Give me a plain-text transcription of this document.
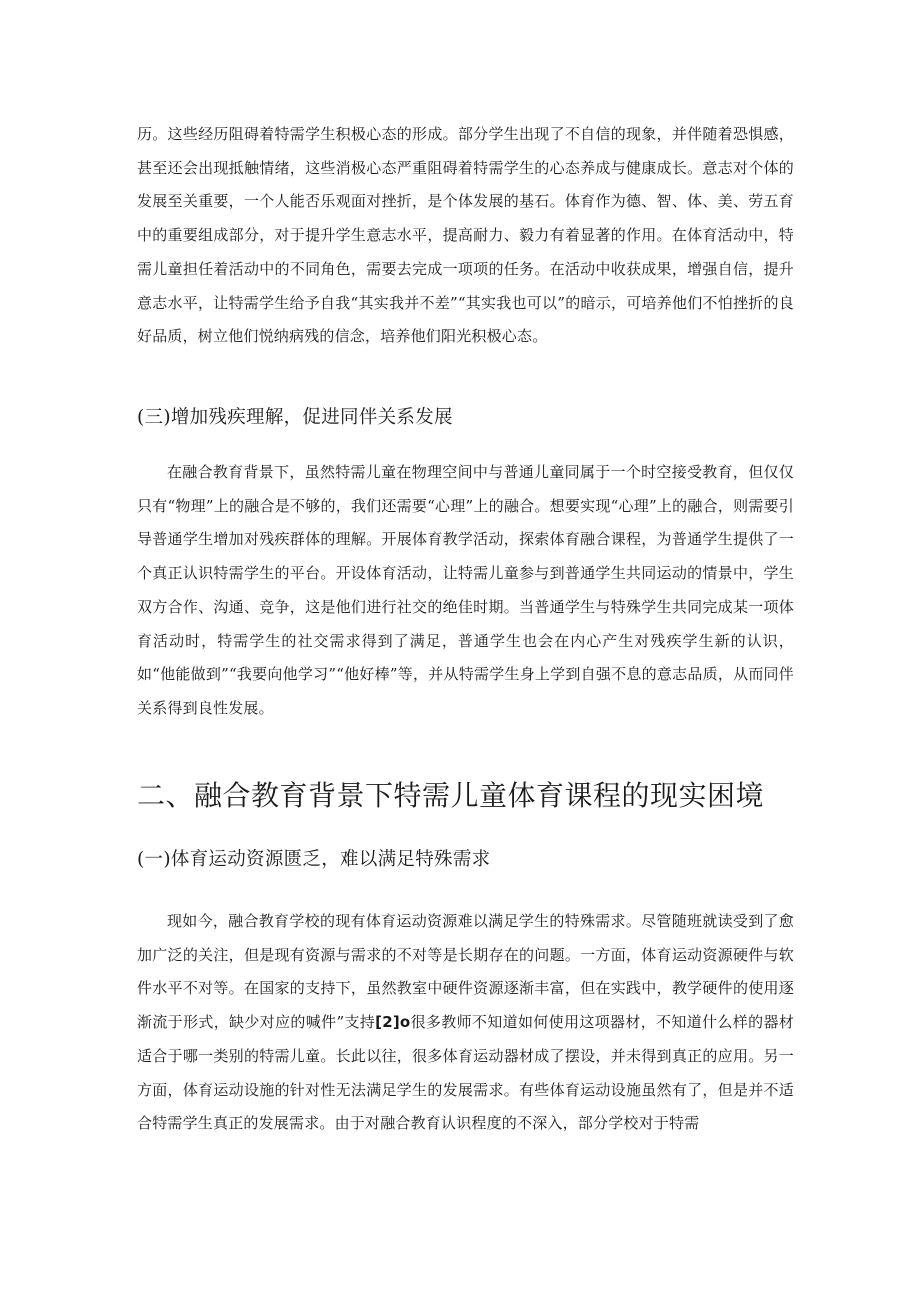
历。这些经历阻碍着特需学生积极心态的形成。部分学生出现了不自信的现象，并伴随着恐惧感，甚至还会出现抵触情绪，这些消极心态严重阻碍着特需学生的心态养成与健康成长。意志对个体的发展至关重要，一个人能否乐观面对挫折，是个体发展的基石。体育作为德、智、体、美、劳五育中的重要组成部分，对于提升学生意志水平，提高耐力、毅力有着显著的作用。在体育活动中，特需儿童担任着活动中的不同角色，需要去完成一项项的任务。在活动中收获成果，增强自信，提升意志水平，让特需学生给予自我“其实我并不差”“其实我也可以”的暗示，可培养他们不怕挫折的良好品质，树立他们悦纳病残的信念，培养他们阳光积极心态。

(三)增加残疾理解，促进同伴关系发展

在融合教育背景下，虽然特需儿童在物理空间中与普通儿童同属于一个时空接受教育，但仅仅只有“物理”上的融合是不够的，我们还需要“心理”上的融合。想要实现“心理”上的融合，则需要引导普通学生增加对残疾群体的理解。开展体育教学活动，探索体育融合课程，为普通学生提供了一个真正认识特需学生的平台。开设体育活动，让特需儿童参与到普通学生共同运动的情景中，学生双方合作、沟通、竞争，这是他们进行社交的绝佳时期。当普通学生与特殊学生共同完成某一项体育活动时，特需学生的社交需求得到了满足，普通学生也会在内心产生对残疾学生新的认识，如“他能做到”“我要向他学习”“他好棒”等，并从特需学生身上学到自强不息的意志品质，从而同伴关系得到良性发展。

二、融合教育背景下特需儿童体育课程的现实困境
(一)体育运动资源匮乏，难以满足特殊需求

现如今，融合教育学校的现有体育运动资源难以满足学生的特殊需求。尽管随班就读受到了愈加广泛的关注，但是现有资源与需求的不对等是长期存在的问题。一方面，体育运动资源硬件与软件水平不对等。在国家的支持下，虽然教室中硬件资源逐渐丰富，但在实践中，教学硬件的使用逐渐流于形式，缺少对应的喊件”支持[2]o很多教师不知道如何使用这项器材，不知道什么样的器材适合于哪一类别的特需儿童。长此以往，很多体育运动器材成了摆设，并未得到真正的应用。另一方面，体育运动设施的针对性无法满足学生的发展需求。有些体育运动设施虽然有了，但是并不适合特需学生真正的发展需求。由于对融合教育认识程度的不深入，部分学校对于特需
